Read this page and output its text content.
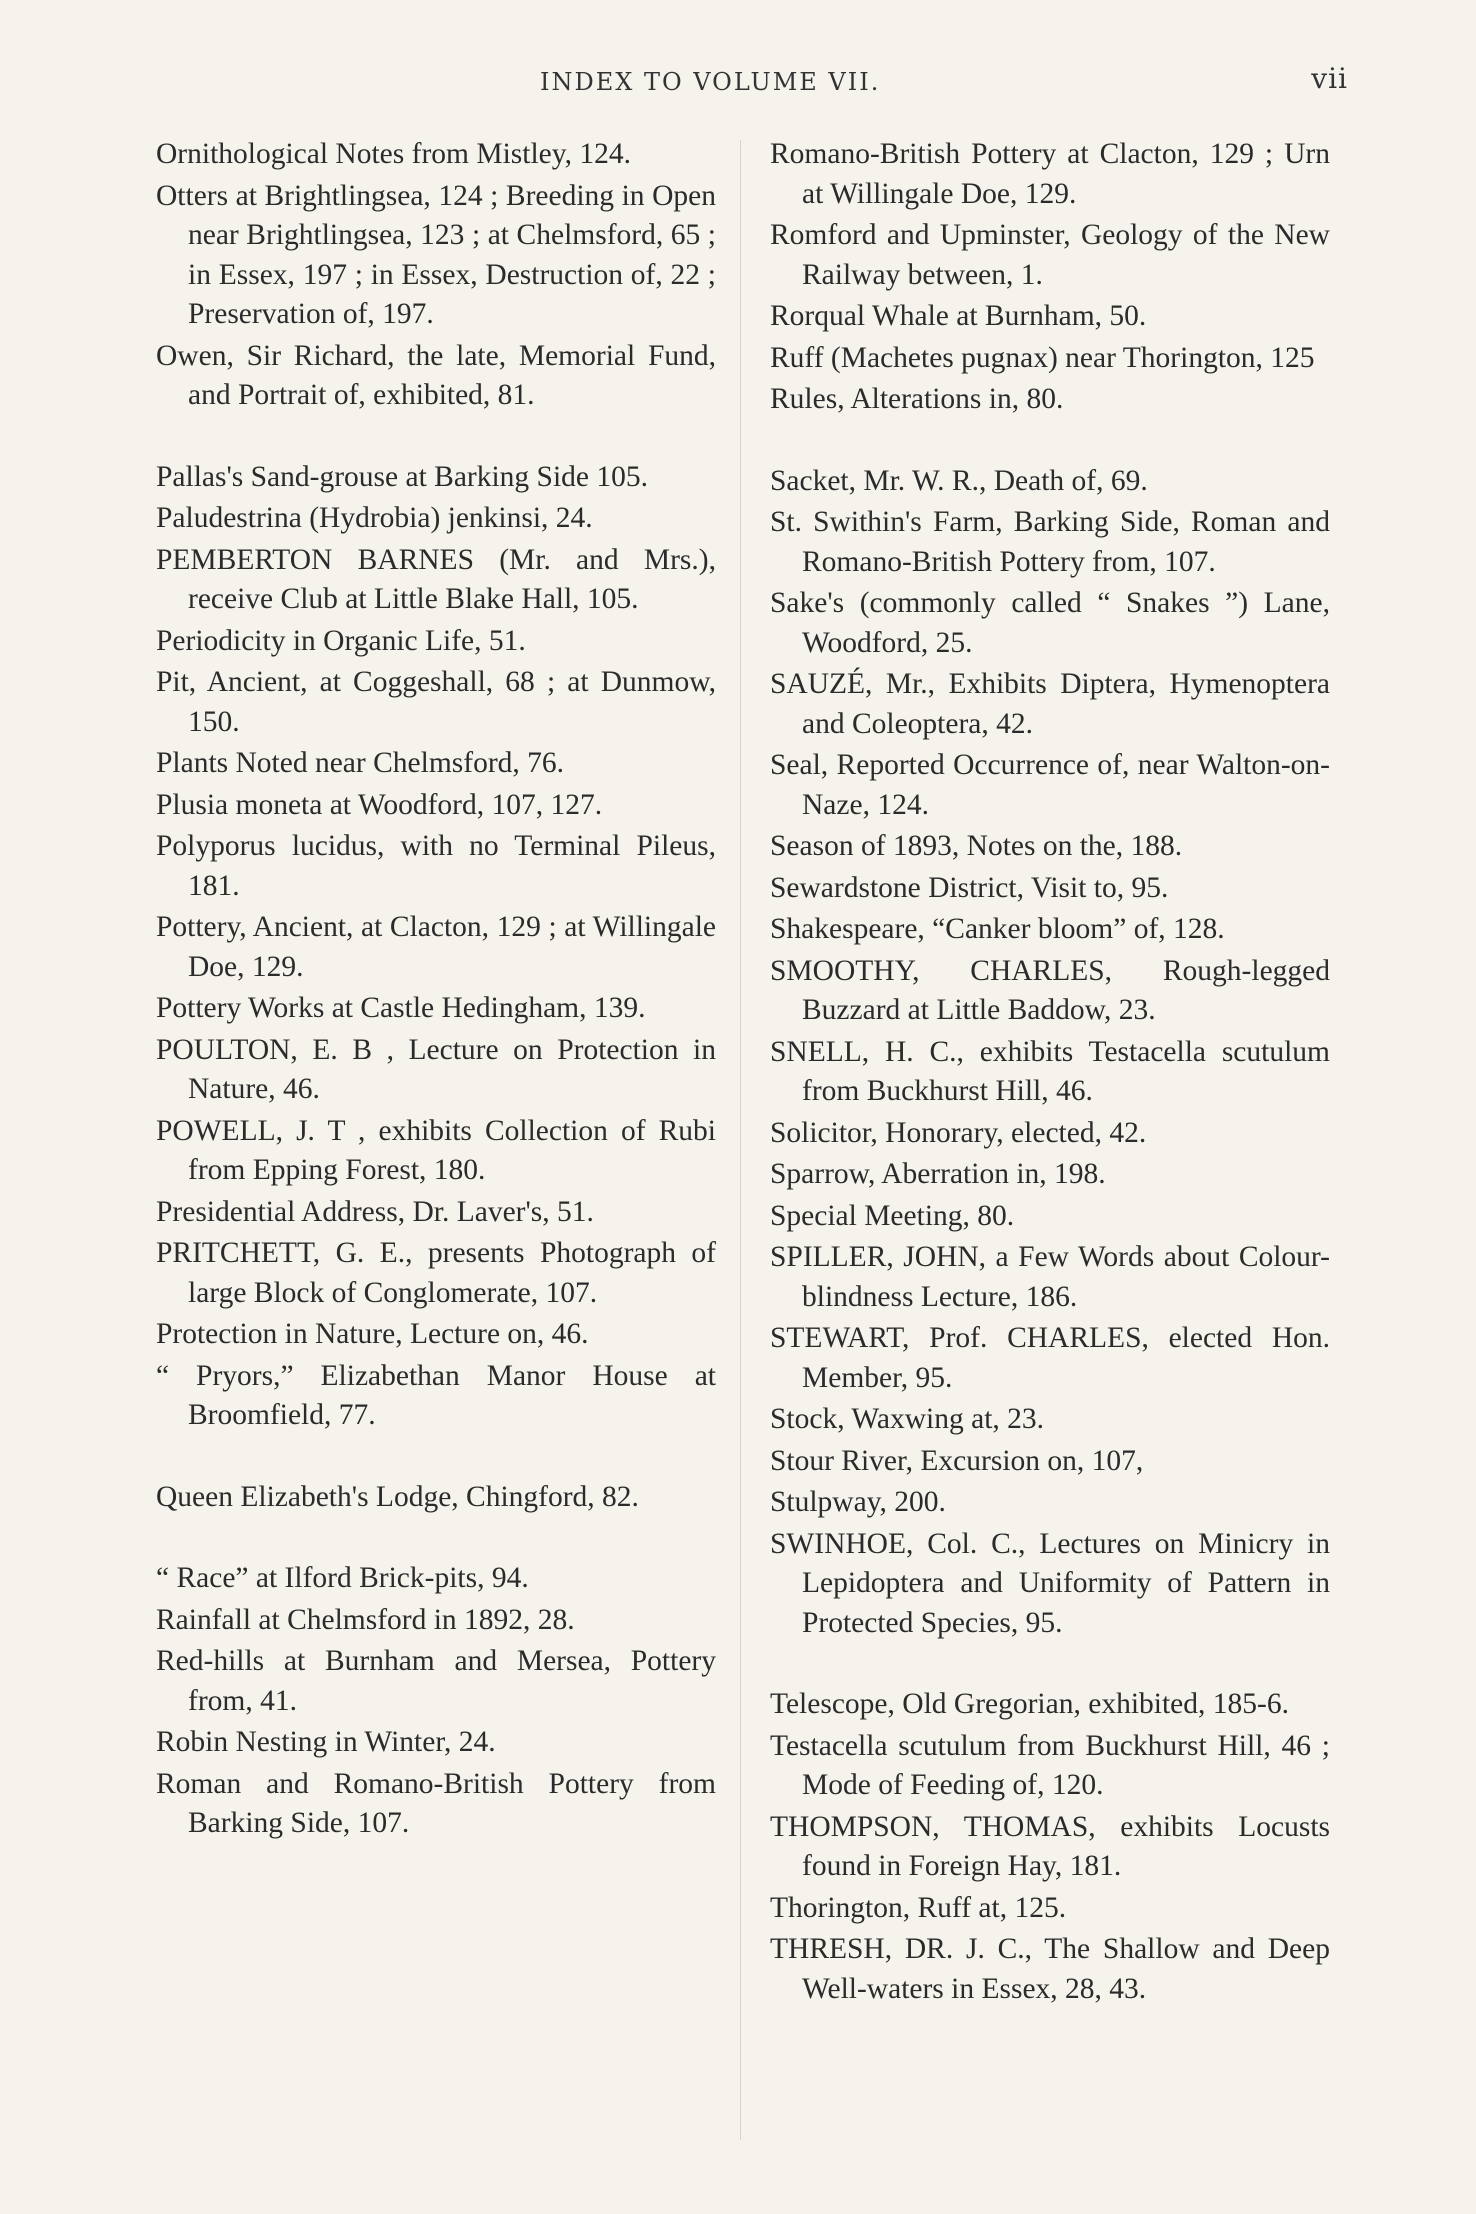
INDEX TO VOLUME VII.	vii

Ornithological Notes from Mistley, 124.

Otters at Brightlingsea, 124 ; Breeding in Open near Brightlingsea, 123 ; at Chelmsford, 65 ; in Essex, 197 ; in Essex, Destruction of, 22 ; Preservation of, 197.

Owen, Sir Richard, the late, Memorial Fund, and Portrait of, exhibited, 81.

Pallas's Sand-grouse at Barking Side 105.

Paludestrina (Hydrobia) jenkinsi, 24.

PEMBERTON BARNES (Mr. and Mrs.), receive Club at Little Blake Hall, 105.

Periodicity in Organic Life, 51.

Pit, Ancient, at Coggeshall, 68 ; at Dunmow, 150.

Plants Noted near Chelmsford, 76.

Plusia moneta at Woodford, 107, 127.

Polyporus lucidus, with no Terminal Pileus, 181.

Pottery, Ancient, at Clacton, 129 ; at Willingale Doe, 129.

Pottery Works at Castle Hedingham, 139.

POULTON, E. B , Lecture on Protection in Nature, 46.

POWELL, J. T , exhibits Collection of Rubi from Epping Forest, 180.

Presidential Address, Dr. Laver's, 51.

PRITCHETT, G. E., presents Photograph of large Block of Conglomerate, 107.

Protection in Nature, Lecture on, 46.

“ Pryors,” Elizabethan Manor House at Broomfield, 77.

Queen Elizabeth's Lodge, Chingford, 82.

“ Race” at Ilford Brick-pits, 94.

Rainfall at Chelmsford in 1892, 28.

Red-hills at Burnham and Mersea, Pottery from, 41.

Robin Nesting in Winter, 24.

Roman and Romano-British Pottery from Barking Side, 107.

Romano-British Pottery at Clacton, 129 ; Urn at Willingale Doe, 129.

Romford and Upminster, Geology of the New Railway between, 1.

Rorqual Whale at Burnham, 50.

Ruff (Machetes pugnax) near Thorington, 125

Rules, Alterations in, 80.

Sacket, Mr. W. R., Death of, 69.

St. Swithin's Farm, Barking Side, Roman and Romano-British Pottery from, 107.

Sake's (commonly called “ Snakes ”) Lane, Woodford, 25.

SAUZÉ, Mr., Exhibits Diptera, Hymenoptera and Coleoptera, 42.

Seal, Reported Occurrence of, near Walton-on-Naze, 124.

Season of 1893, Notes on the, 188.

Sewardstone District, Visit to, 95.

Shakespeare, “Canker bloom” of, 128.

SMOOTHY, CHARLES, Rough-legged Buzzard at Little Baddow, 23.

SNELL, H. C., exhibits Testacella scutulum from Buckhurst Hill, 46.

Solicitor, Honorary, elected, 42.

Sparrow, Aberration in, 198.

Special Meeting, 80.

SPILLER, JOHN, a Few Words about Colour-blindness Lecture, 186.

STEWART, Prof. CHARLES, elected Hon. Member, 95.

Stock, Waxwing at, 23.

Stour River, Excursion on, 107,

Stulpway, 200.

SWINHOE, Col. C., Lectures on Minicry in Lepidoptera and Uniformity of Pattern in Protected Species, 95.

Telescope, Old Gregorian, exhibited, 185-6.

Testacella scutulum from Buckhurst Hill, 46 ; Mode of Feeding of, 120.

THOMPSON, THOMAS, exhibits Locusts found in Foreign Hay, 181.

Thorington, Ruff at, 125.

THRESH, DR. J. C., The Shallow and Deep Well-waters in Essex, 28, 43.
